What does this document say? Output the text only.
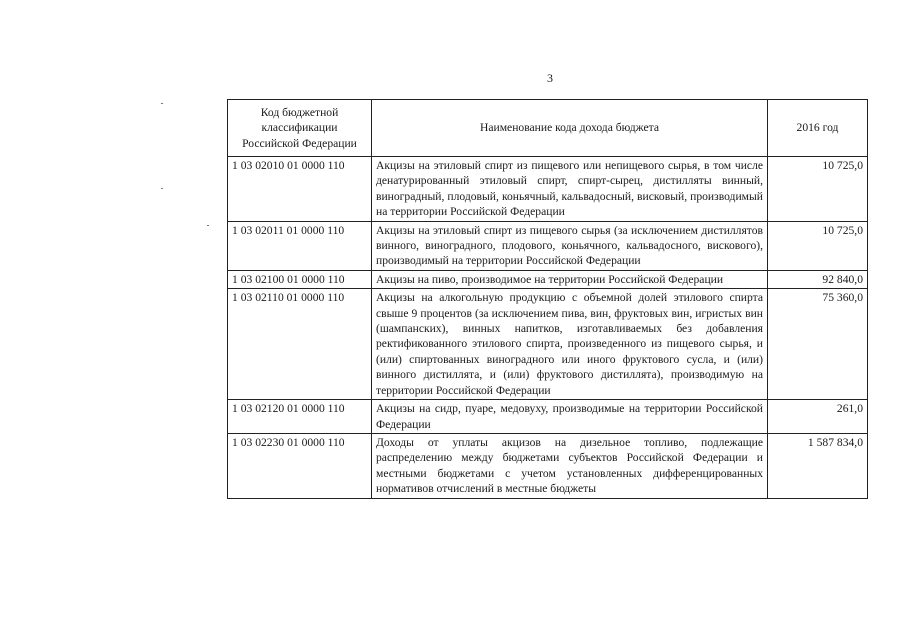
3
Код бюджетной классификации Российской Федерации	Наименование кода дохода бюджета	2016 год
1 03 02010 01 0000 110	Акцизы на этиловый спирт из пищевого или непищевого сырья, в том числе денатурированный этиловый спирт, спирт-сырец, дистилляты винный, виноградный, плодовый, коньячный, кальвадосный, висковый, производимый на территории Российской Федерации	10 725,0
1 03 02011 01 0000 110	Акцизы на этиловый спирт из пищевого сырья (за исключением дистиллятов винного, виноградного, плодового, коньячного, кальвадосного, вискового), производимый на территории Российской Федерации	10 725,0
1 03 02100 01 0000 110	Акцизы на пиво, производимое на территории Российской Федерации	92 840,0
1 03 02110 01 0000 110	Акцизы на алкогольную продукцию с объемной долей этилового спирта свыше 9 процентов (за исключением пива, вин, фруктовых вин, игристых вин (шампанских), винных напитков, изготавливаемых без добавления ректификованного этилового спирта, произведенного из пищевого сырья, и (или) спиртованных виноградного или иного фруктового сусла, и (или) винного дистиллята, и (или) фруктового дистиллята), производимую на территории Российской Федерации	75 360,0
1 03 02120 01 0000 110	Акцизы на сидр, пуаре, медовуху, производимые на территории Российской Федерации	261,0
1 03 02230 01 0000 110	Доходы от уплаты акцизов на дизельное топливо, подлежащие распределению между бюджетами субъектов Российской Федерации и местными бюджетами с учетом установленных дифференцированных нормативов отчислений в местные бюджеты	1 587 834,0
